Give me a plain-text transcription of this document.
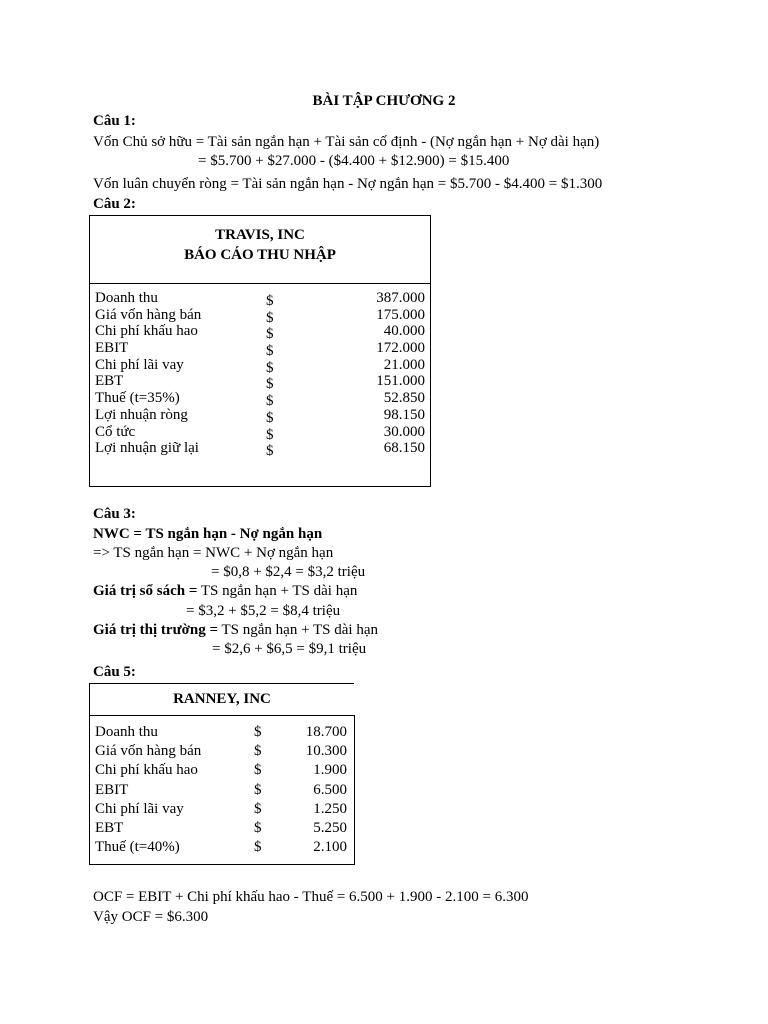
BÀI TẬP CHƯƠNG 2
Câu 1:
Vốn Chủ sở hữu = Tài sản ngắn hạn + Tài sản cố định - (Nợ ngắn hạn + Nợ dài hạn)
= $5.700 + $27.000 - ($4.400 + $12.900) = $15.400
Vốn luân chuyển ròng = Tài sản ngắn hạn - Nợ ngắn hạn = $5.700 - $4.400 = $1.300
Câu 2:
TRAVIS, INC
BÁO CÁO THU NHẬP
Doanh thu	$	387.000
Giá vốn hàng bán	$	175.000
Chi phí khấu hao	$	40.000
EBIT	$	172.000
Chi phí lãi vay	$	21.000
EBT	$	151.000
Thuế (t=35%)	$	52.850
Lợi nhuận ròng	$	98.150
Cổ tức	$	30.000
Lợi nhuận giữ lại	$	68.150
Câu 3:
NWC = TS ngắn hạn - Nợ ngắn hạn
=> TS ngắn hạn = NWC + Nợ ngắn hạn
= $0,8 + $2,4 = $3,2 triệu
Giá trị sổ sách = TS ngắn hạn + TS dài hạn
= $3,2 + $5,2 = $8,4 triệu
Giá trị thị trường = TS ngắn hạn + TS dài hạn
= $2,6 + $6,5 = $9,1 triệu
Câu 5:
RANNEY, INC
Doanh thu	$	18.700
Giá vốn hàng bán	$	10.300
Chi phí khấu hao	$	1.900
EBIT	$	6.500
Chi phí lãi vay	$	1.250
EBT	$	5.250
Thuế (t=40%)	$	2.100
OCF = EBIT + Chi phí khấu hao - Thuế = 6.500 + 1.900 - 2.100 = 6.300
Vậy OCF = $6.300
